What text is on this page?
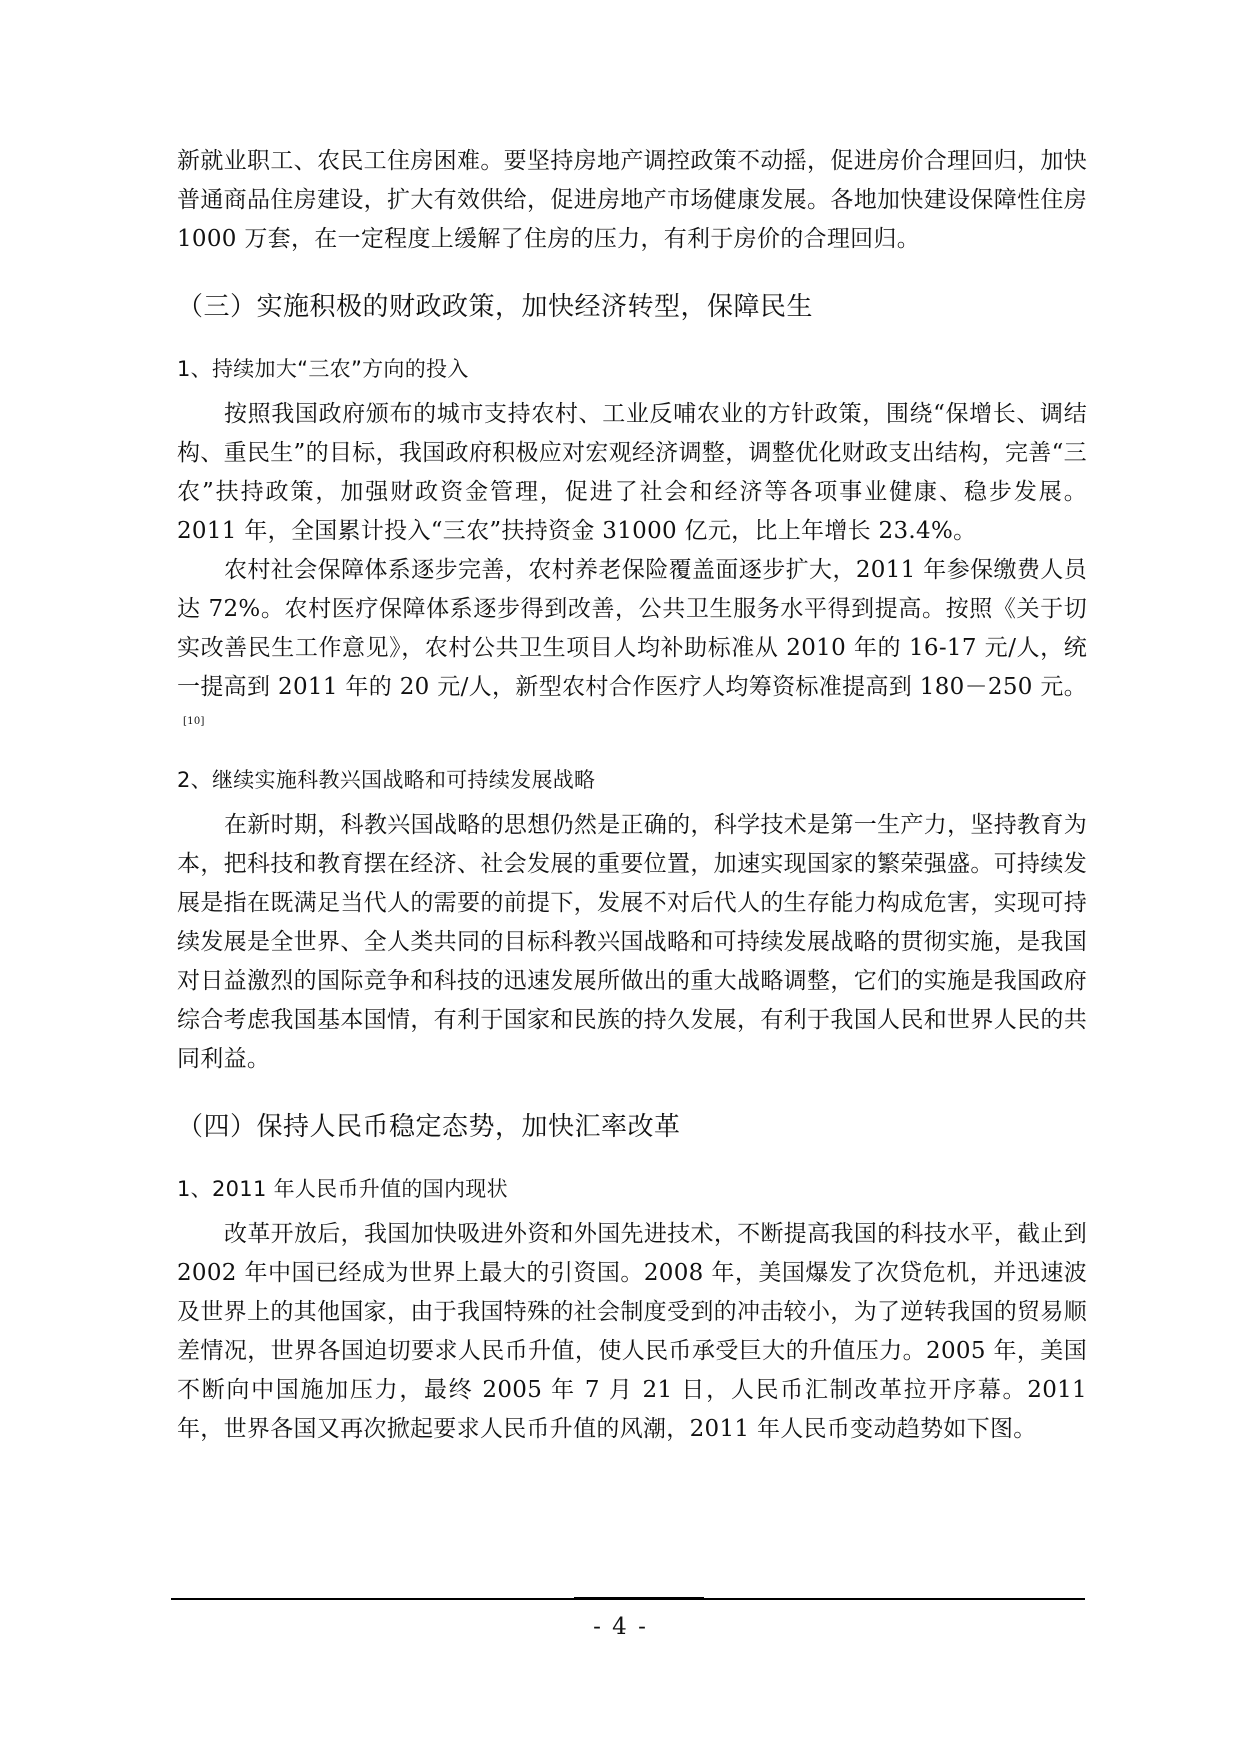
新就业职工、农民工住房困难。要坚持房地产调控政策不动摇，促进房价合理回归，加快普通商品住房建设，扩大有效供给，促进房地产市场健康发展。各地加快建设保障性住房 1000 万套，在一定程度上缓解了住房的压力，有利于房价的合理回归。

（三）实施积极的财政政策，加快经济转型，保障民生
1、持续加大“三农”方向的投入

按照我国政府颁布的城市支持农村、工业反哺农业的方针政策，围绕“保增长、调结构、重民生”的目标，我国政府积极应对宏观经济调整，调整优化财政支出结构，完善“三农”扶持政策，加强财政资金管理，促进了社会和经济等各项事业健康、稳步发展。2011 年，全国累计投入“三农”扶持资金 31000 亿元，比上年增长 23.4%。

农村社会保障体系逐步完善，农村养老保险覆盖面逐步扩大，2011 年参保缴费人员达 72%。农村医疗保障体系逐步得到改善，公共卫生服务水平得到提高。按照《关于切实改善民生工作意见》，农村公共卫生项目人均补助标准从 2010 年的 16-17 元/人，统一提高到 2011 年的 20 元/人，新型农村合作医疗人均筹资标准提高到 180－250 元。[10]

2、继续实施科教兴国战略和可持续发展战略

在新时期，科教兴国战略的思想仍然是正确的，科学技术是第一生产力，坚持教育为本，把科技和教育摆在经济、社会发展的重要位置，加速实现国家的繁荣强盛。可持续发展是指在既满足当代人的需要的前提下，发展不对后代人的生存能力构成危害，实现可持续发展是全世界、全人类共同的目标科教兴国战略和可持续发展战略的贯彻实施，是我国对日益激烈的国际竞争和科技的迅速发展所做出的重大战略调整，它们的实施是我国政府综合考虑我国基本国情，有利于国家和民族的持久发展，有利于我国人民和世界人民的共同利益。

（四）保持人民币稳定态势，加快汇率改革
1、2011 年人民币升值的国内现状

改革开放后，我国加快吸进外资和外国先进技术，不断提高我国的科技水平，截止到 2002 年中国已经成为世界上最大的引资国。2008 年，美国爆发了次贷危机，并迅速波及世界上的其他国家，由于我国特殊的社会制度受到的冲击较小，为了逆转我国的贸易顺差情况，世界各国迫切要求人民币升值，使人民币承受巨大的升值压力。2005 年，美国不断向中国施加压力，最终 2005 年 7 月 21 日，人民币汇制改革拉开序幕。2011 年，世界各国又再次掀起要求人民币升值的风潮，2011 年人民币变动趋势如下图。

- 4 -
